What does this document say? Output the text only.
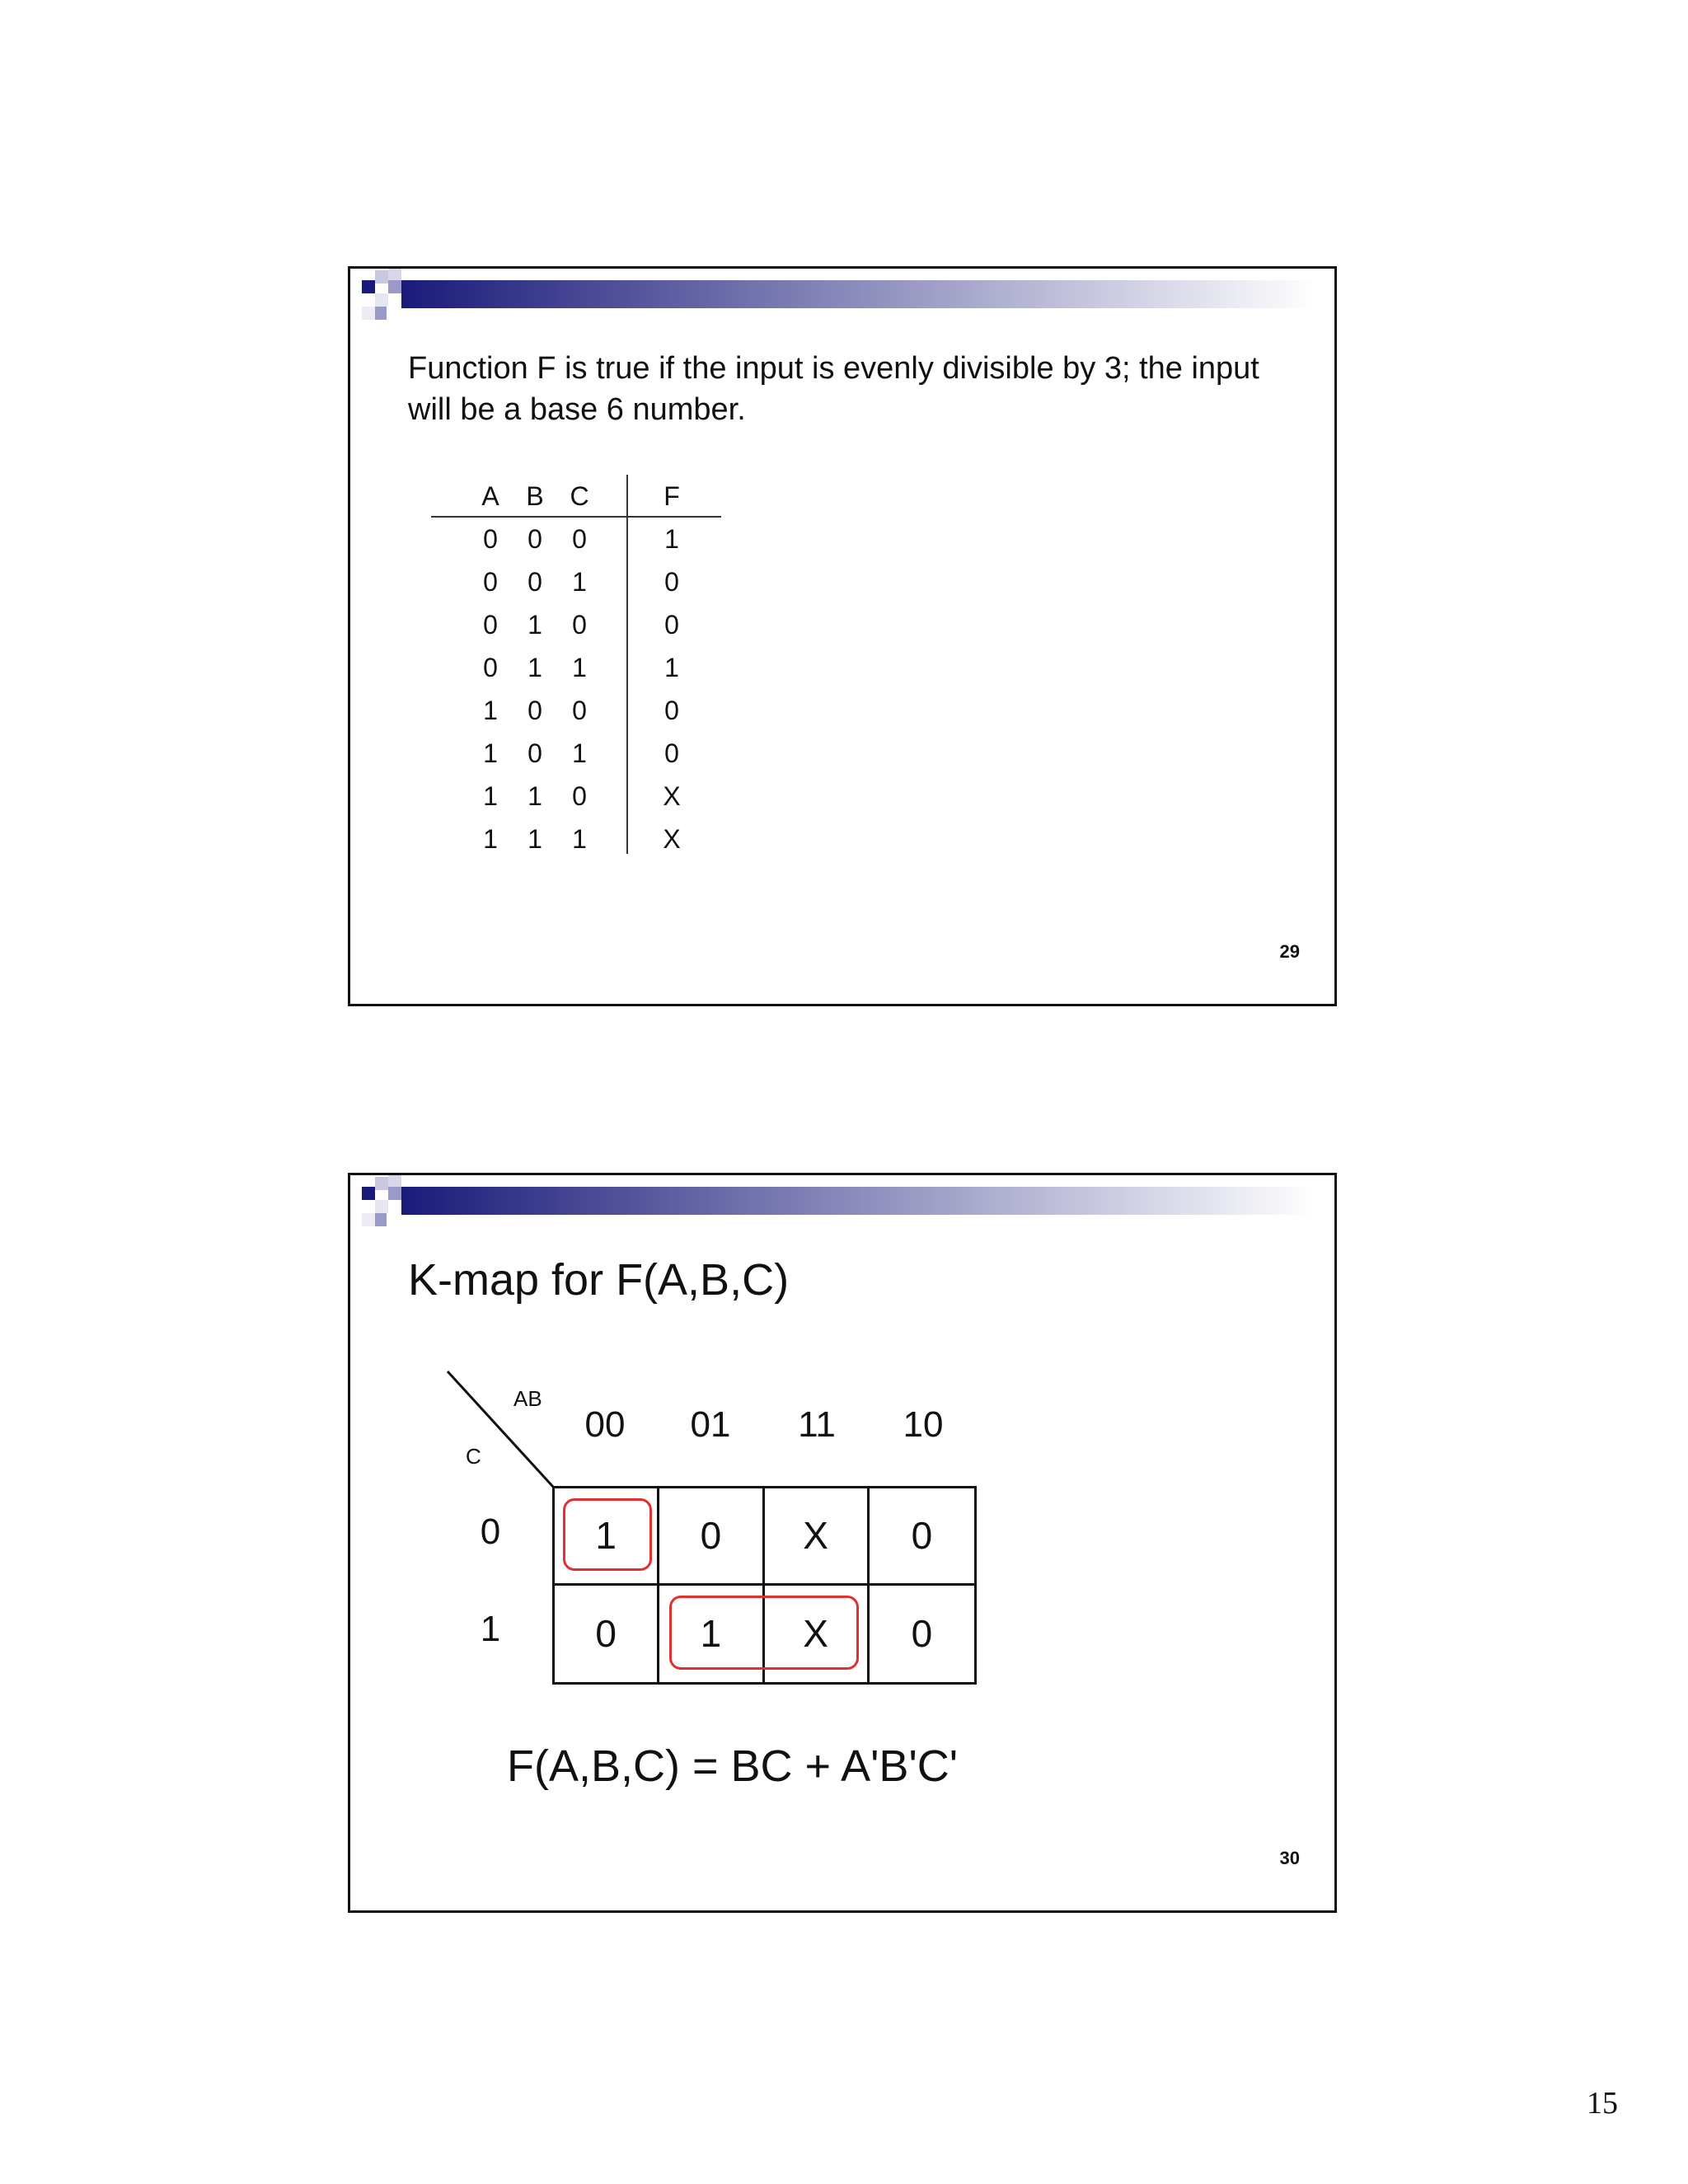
Function F is true if the input is evenly divisible by 3; the input will be a base 6 number.
A B C	F
0	0	0	1
0	0	1	0
0	1	0	0
0	1	1	1
1	0	0	0
1	0	1	0
1	1	0	X
1	1	1	X
29
K-map for F(A,B,C)
AB
C
00	01	11	10
0
1
1	0	X	0
0	1	X	0
F(A,B,C) = BC + A'B'C'
30
15
